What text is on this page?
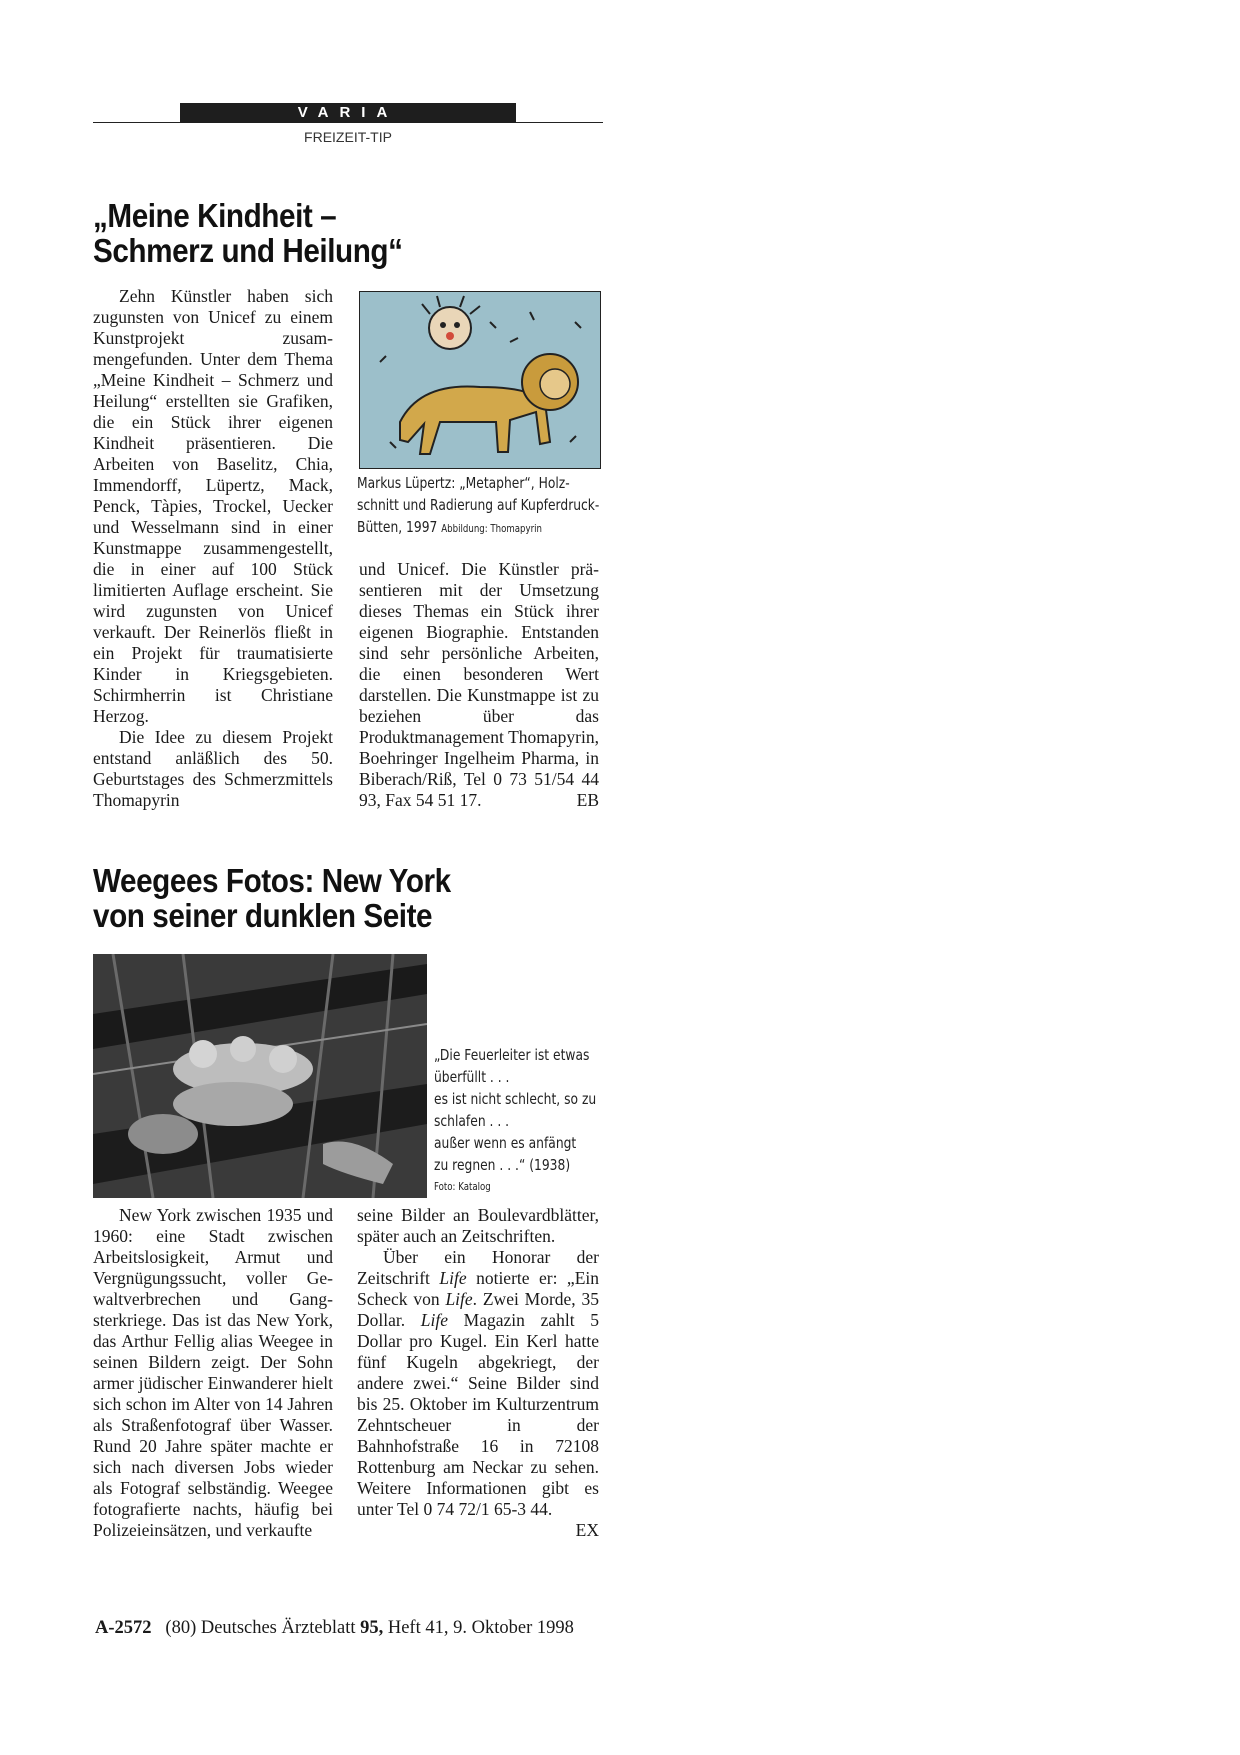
VARIA
FREIZEIT-TIP
„Meine Kindheit –
Schmerz und Heilung“

Zehn Künstler haben sich zugunsten von Unicef zu einem Kunstprojekt zusammengefunden. Unter dem Thema „Meine Kindheit – Schmerz und Heilung“ erstellten sie Grafiken, die ein Stück ihrer eigenen Kindheit präsentieren. Die Arbeiten von Baselitz, Chia, Immendorff, Lüpertz, Mack, Penck, Tàpies, Trockel, Uecker und Wesselmann sind in einer Kunstmappe zusammengestellt, die in einer auf 100 Stück limitierten Auflage erscheint. Sie wird zugunsten von Unicef verkauft. Der Reinerlös fließt in ein Projekt für traumatisierte Kinder in Kriegsgebieten. Schirmherrin ist Christiane Herzog.

Die Idee zu diesem Projekt entstand anläßlich des 50. Geburtstages des Schmerzmittels Thomapyrin

Markus Lüpertz: „Metapher“, Holzschnitt und Radierung auf Kupferdruck-Bütten, 1997 Abbildung: Thomapyrin

und Unicef. Die Künstler präsentieren mit der Umsetzung dieses Themas ein Stück ihrer eigenen Biographie. Entstanden sind sehr persönliche Arbeiten, die einen besonderen Wert darstellen. Die Kunstmappe ist zu beziehen über das Produktmanagement Thomapyrin, Boehringer Ingelheim Pharma, in Biberach/Riß, Tel 0 73 51/54 44 93, Fax 54 51 17.	EB

Weegees Fotos: New York
von seiner dunklen Seite
„Die Feuerleiter ist etwas
überfüllt . . .
es ist nicht schlecht, so zu
schlafen . . .
außer wenn es anfängt
zu regnen . . .“ (1938)
Foto: Katalog

New York zwischen 1935 und 1960: eine Stadt zwischen Arbeitslosigkeit, Armut und Vergnügungssucht, voller Gewaltverbrechen und Gangsterkriege. Das ist das New York, das Arthur Fellig alias Weegee in seinen Bildern zeigt. Der Sohn armer jüdischer Einwanderer hielt sich schon im Alter von 14 Jahren als Straßenfotograf über Wasser. Rund 20 Jahre später machte er sich nach diversen Jobs wieder als Fotograf selbständig. Weegee fotografierte nachts, häufig bei Polizeieinsätzen, und verkaufte

seine Bilder an Boulevardblätter, später auch an Zeitschriften.

Über ein Honorar der Zeitschrift Life notierte er: „Ein Scheck von Life. Zwei Morde, 35 Dollar. Life Magazin zahlt 5 Dollar pro Kugel. Ein Kerl hatte fünf Kugeln abgekriegt, der andere zwei.“ Seine Bilder sind bis 25. Oktober im Kulturzentrum Zehntscheuer in der Bahnhofstraße 16 in 72108 Rottenburg am Neckar zu sehen. Weitere Informationen gibt es unter Tel 0 74 72/1 65-3 44.
EX

A-2572 (80) Deutsches Ärzteblatt 95, Heft 41, 9. Oktober 1998
